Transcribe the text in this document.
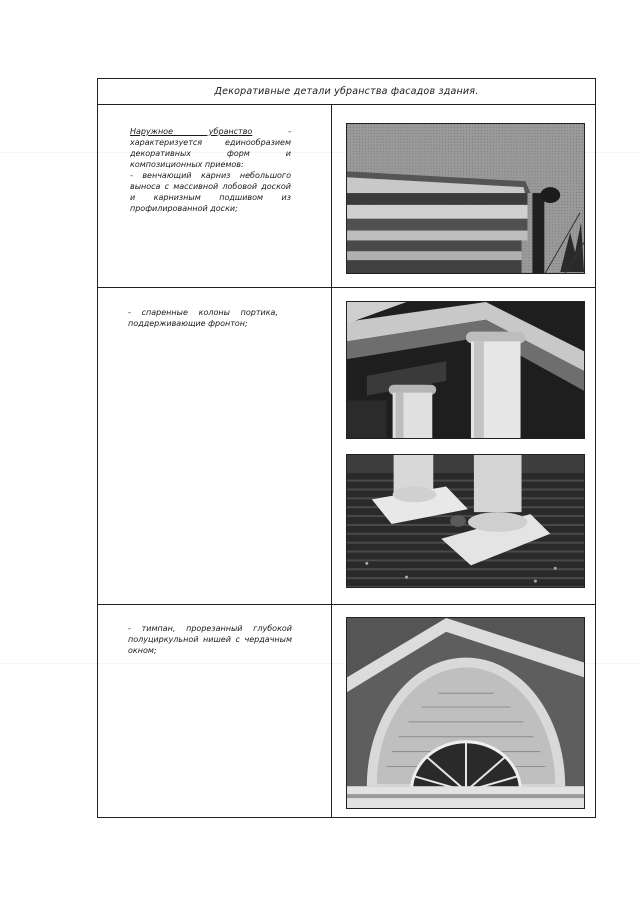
Декоративные детали убранства фасадов здания.

Наружное убранство - характеризуется единообразием декоративных форм и композиционных приемов:

- венчающий карниз небольшого выноса с массивной лобовой доской и карнизным подшивом из профилированной доски;

- спаренные колоны портика, поддерживающие фронтон;
- тимпан, прорезанный глубокой полуциркульной нишей с чердачным окном;
